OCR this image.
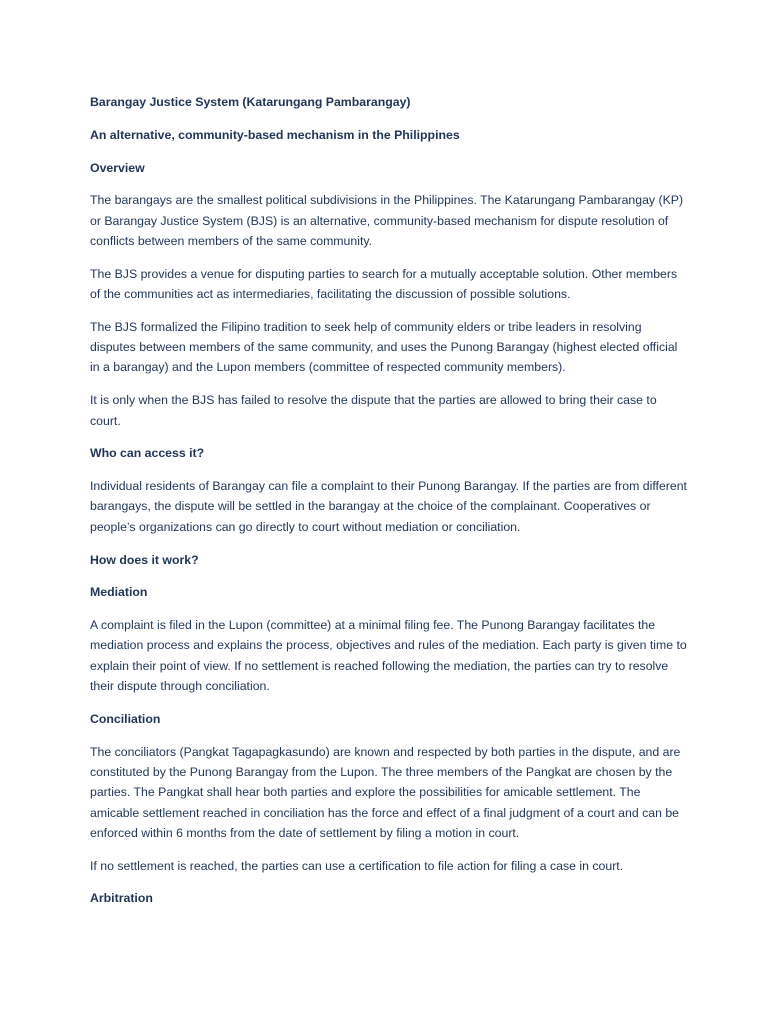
Barangay Justice System (Katarungang Pambarangay)

An alternative, community-based mechanism in the Philippines

Overview

The barangays are the smallest political subdivisions in the Philippines. The Katarungang Pambarangay (KP) or Barangay Justice System (BJS) is an alternative, community-based mechanism for dispute resolution of conflicts between members of the same community.

The BJS provides a venue for disputing parties to search for a mutually acceptable solution. Other members of the communities act as intermediaries, facilitating the discussion of possible solutions.

The BJS formalized the Filipino tradition to seek help of community elders or tribe leaders in resolving disputes between members of the same community, and uses the Punong Barangay (highest elected official in a barangay) and the Lupon members (committee of respected community members).

It is only when the BJS has failed to resolve the dispute that the parties are allowed to bring their case to court.

Who can access it?

Individual residents of Barangay can file a complaint to their Punong Barangay. If the parties are from different barangays, the dispute will be settled in the barangay at the choice of the complainant. Cooperatives or people’s organizations can go directly to court without mediation or conciliation.

How does it work?

Mediation

A complaint is filed in the Lupon (committee) at a minimal filing fee. The Punong Barangay facilitates the mediation process and explains the process, objectives and rules of the mediation. Each party is given time to explain their point of view. If no settlement is reached following the mediation, the parties can try to resolve their dispute through conciliation.

Conciliation

The conciliators (Pangkat Tagapagkasundo) are known and respected by both parties in the dispute, and are constituted by the Punong Barangay from the Lupon. The three members of the Pangkat are chosen by the parties. The Pangkat shall hear both parties and explore the possibilities for amicable settlement. The amicable settlement reached in conciliation has the force and effect of a final judgment of a court and can be enforced within 6 months from the date of settlement by filing a motion in court.

If no settlement is reached, the parties can use a certification to file action for filing a case in court.

Arbitration
